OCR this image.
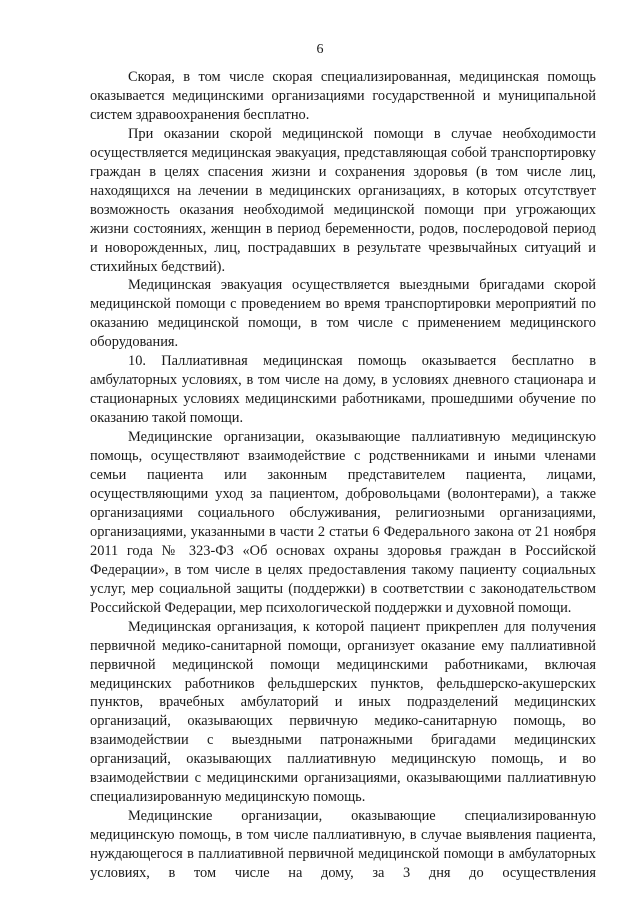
6

Скорая, в том числе скорая специализированная, медицинская помощь оказывается медицинскими организациями государственной и муниципальной систем здравоохранения бесплатно.

При оказании скорой медицинской помощи в случае необходимости осуществляется медицинская эвакуация, представляющая собой транспортировку граждан в целях спасения жизни и сохранения здоровья (в том числе лиц, находящихся на лечении в медицинских организациях, в которых отсутствует возможность оказания необходимой медицинской помощи при угрожающих жизни состояниях, женщин в период беременности, родов, послеродовой период и новорожденных, лиц, пострадавших в результате чрезвычайных ситуаций и стихийных бедствий).

Медицинская эвакуация осуществляется выездными бригадами скорой медицинской помощи с проведением во время транспортировки мероприятий по оказанию медицинской помощи, в том числе с применением медицинского оборудования.

10. Паллиативная медицинская помощь оказывается бесплатно в амбулаторных условиях, в том числе на дому, в условиях дневного стационара и стационарных условиях медицинскими работниками, прошедшими обучение по оказанию такой помощи.

Медицинские организации, оказывающие паллиативную медицинскую помощь, осуществляют взаимодействие с родственниками и иными членами семьи пациента или законным представителем пациента, лицами, осуществляющими уход за пациентом, добровольцами (волонтерами), а также организациями социального обслуживания, религиозными организациями, организациями, указанными в части 2 статьи 6 Федерального закона от 21 ноября 2011 года № 323-ФЗ «Об основах охраны здоровья граждан в Российской Федерации», в том числе в целях предоставления такому пациенту социальных услуг, мер социальной защиты (поддержки) в соответствии с законодательством Российской Федерации, мер психологической поддержки и духовной помощи.

Медицинская организация, к которой пациент прикреплен для получения первичной медико-санитарной помощи, организует оказание ему паллиативной первичной медицинской помощи медицинскими работниками, включая медицинских работников фельдшерских пунктов, фельдшерско-акушерских пунктов, врачебных амбулаторий и иных подразделений медицинских организаций, оказывающих первичную медико-санитарную помощь, во взаимодействии с выездными патронажными бригадами медицинских организаций, оказывающих паллиативную медицинскую помощь, и во взаимодействии с медицинскими организациями, оказывающими паллиативную специализированную медицинскую помощь.

Медицинские организации, оказывающие специализированную медицинскую помощь, в том числе паллиативную, в случае выявления пациента, нуждающегося в паллиативной первичной медицинской помощи в амбулаторных условиях, в том числе на дому, за 3 дня до осуществления
